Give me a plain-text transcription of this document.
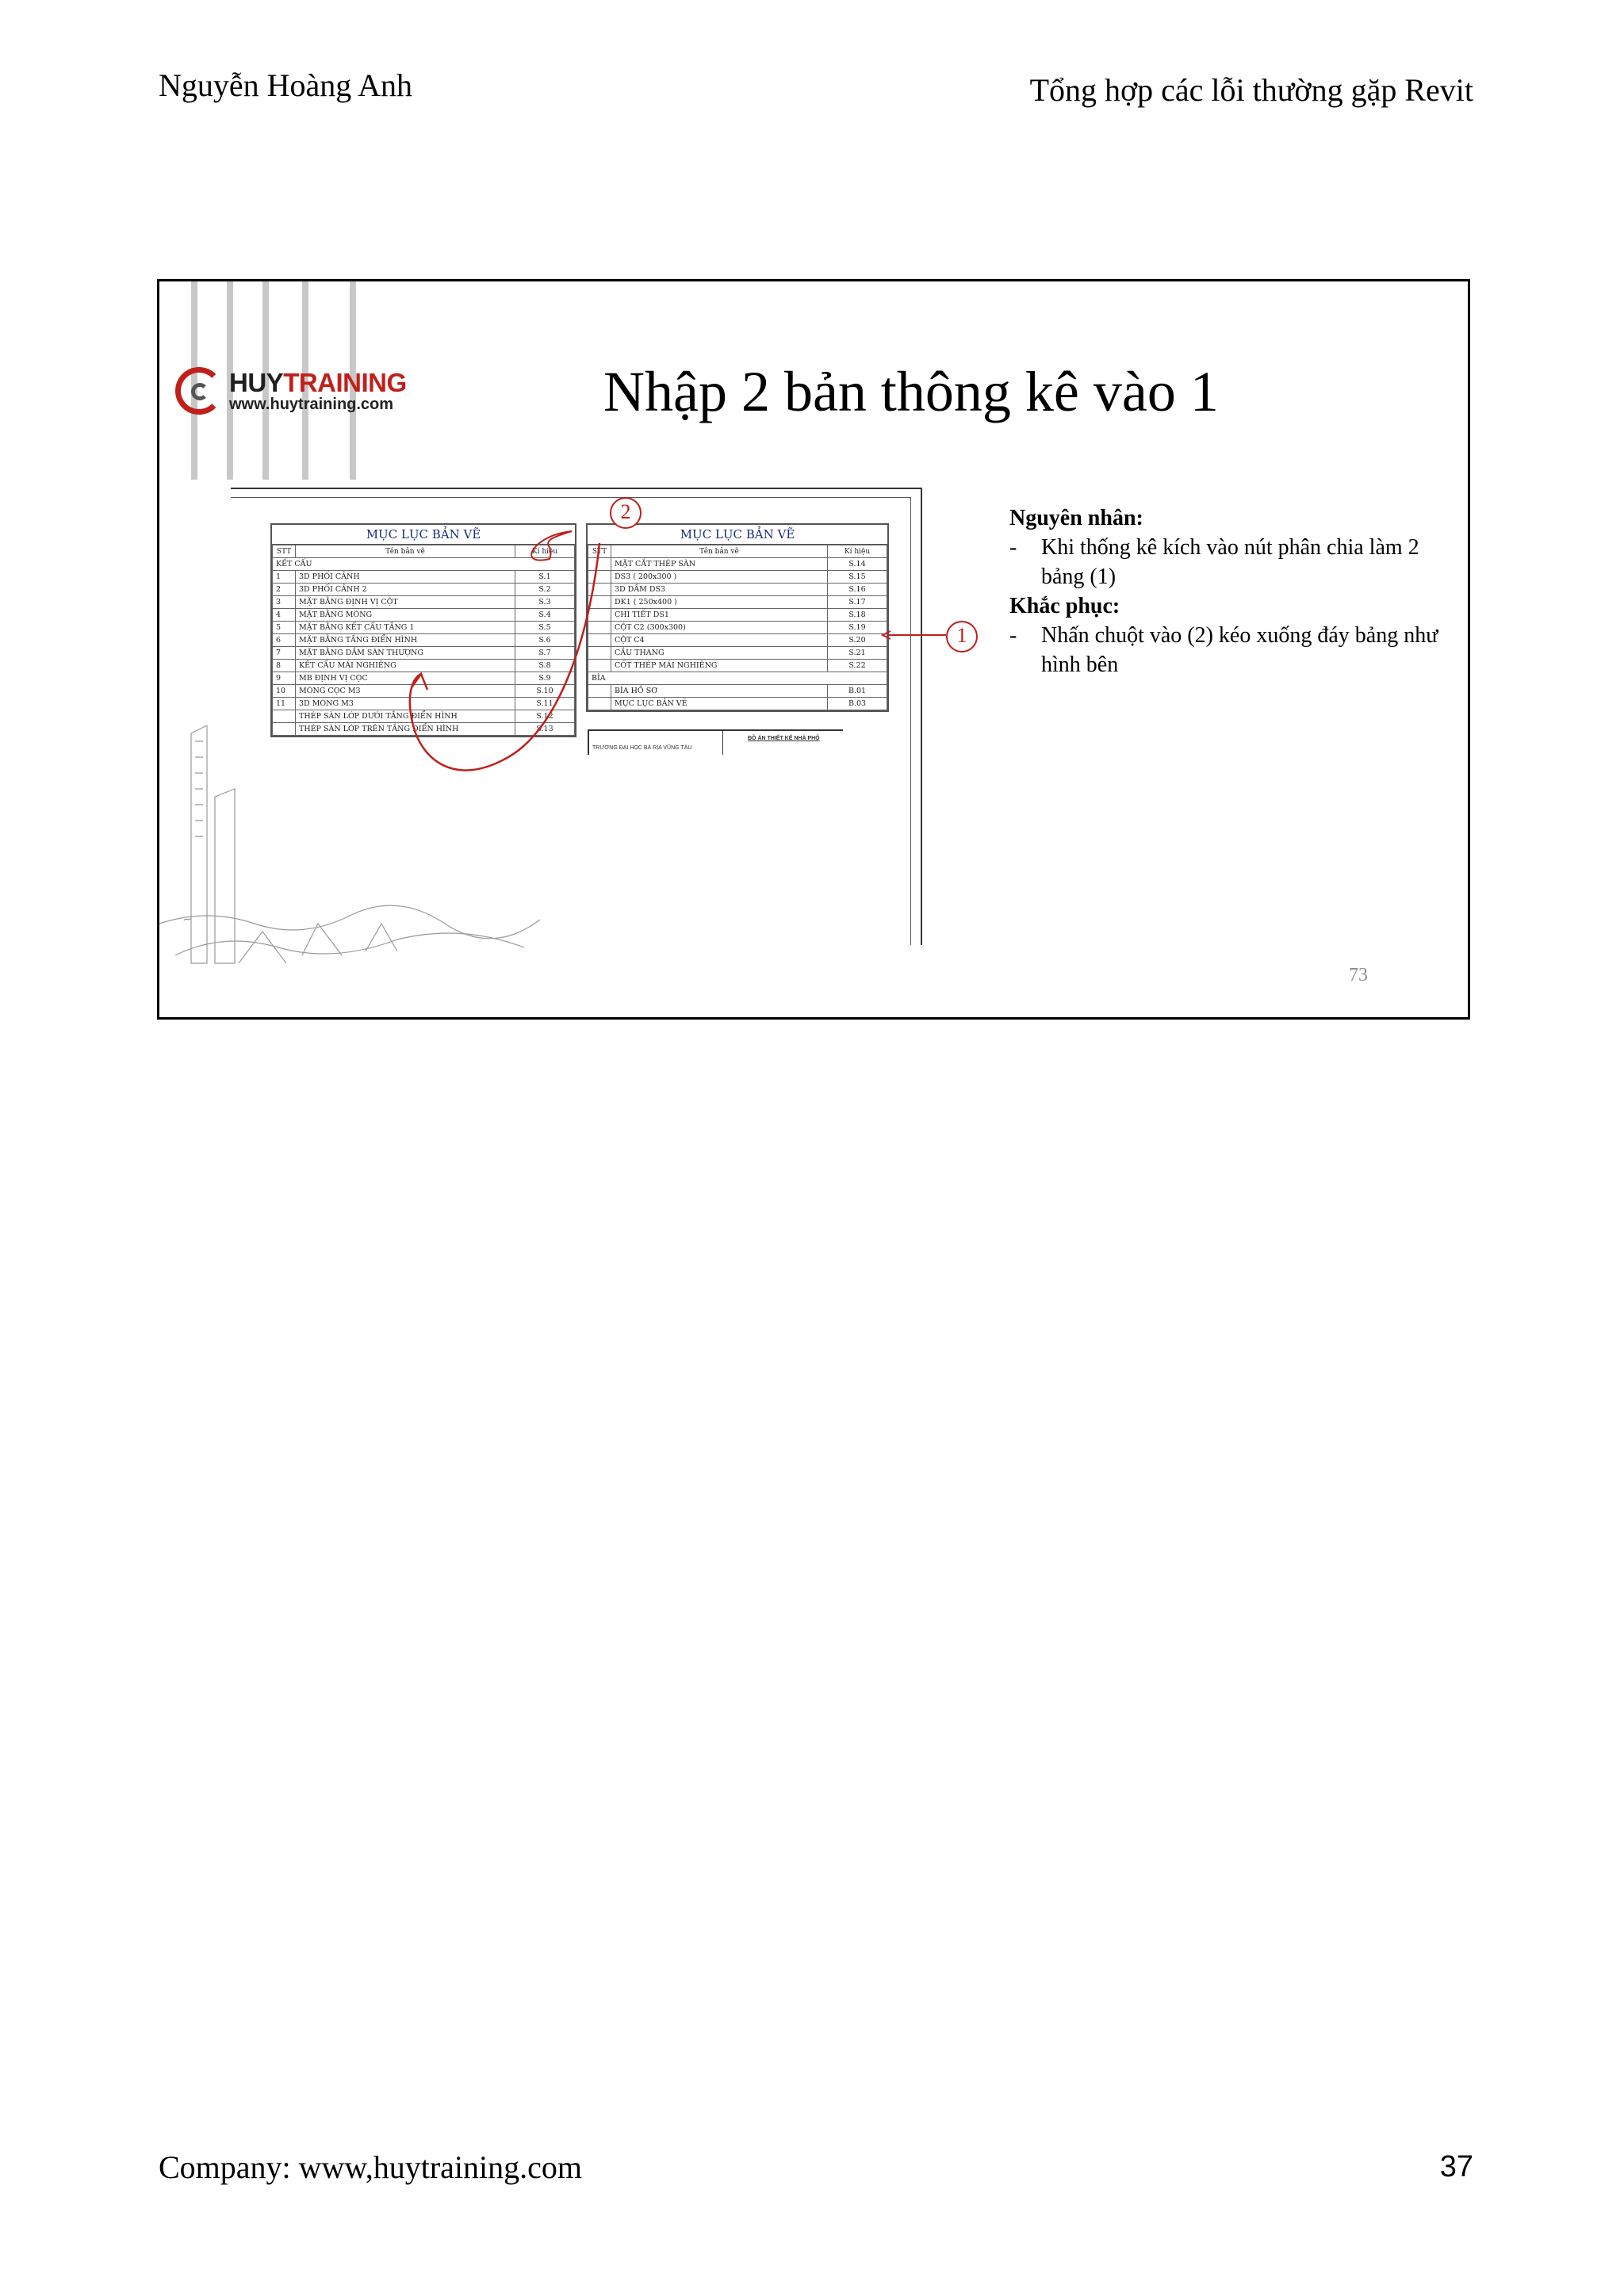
Nguyễn Hoàng Anh	Tổng hợp các lỗi thường gặp Revit
HUYTRAINING
www.huytraining.com	Nhập 2 bản thông kê vào 1
MỤC LỤC BẢN VẼ
STT	Tên bản vẽ	Kí hiệu
KẾT CẤU		
1	3D PHỐI CẢNH	S.1
2	3D PHỐI CẢNH 2	S.2
3	MẶT BẰNG ĐỊNH VỊ CỘT	S.3
4	MẶT BẰNG MÓNG	S.4
5	MẶT BẰNG KẾT CẤU TẦNG 1	S.5
6	MẶT BẰNG TẦNG ĐIỂN HÌNH	S.6
7	MẶT BẰNG DẦM SÀN THƯỢNG	S.7
8	KẾT CẤU MÁI NGHIÊNG	S.8
9	MB ĐỊNH VỊ CỌC	S.9
10	MÓNG CỌC M3	S.10
11	3D MÓNG M3	S.11
	THÉP SÀN LỚP DƯỚI TẦNG ĐIỂN HÌNH	S.12
	THÉP SÀN LỚP TRÊN TẦNG ĐIỂN HÌNH	S.13
MỤC LỤC BẢN VẼ
STT	Tên bản vẽ	Kí hiệu
	MẶT CẮT THÉP SÀN	S.14
	DS3 ( 200x300 )	S.15
	3D DẦM DS3	S.16
	DK1 ( 250x400 )	S.17
	CHI TIẾT DS1	S.18
	CỘT C2 (300x300)	S.19
	CỘT C4	S.20
	CẦU THANG	S.21
	CỐT THÉP MÁI NGHIÊNG	S.22
BÌA		
	BÌA HỒ SƠ	B.01
	MỤC LỤC BẢN VẼ	B.03
TRƯỜNG ĐẠI HỌC BÀ RỊA VŨNG TÀU
ĐỒ ÁN THIẾT KẾ NHÀ PHỐ
~
2
1
Nguyên nhân:
- Khi thống kê kích vào nút phân chia làm 2 bảng (1)
Khắc phục:
- Nhấn chuột vào (2) kéo xuống đáy bảng như hình bên
73
Company: www,huytraining.com	37
